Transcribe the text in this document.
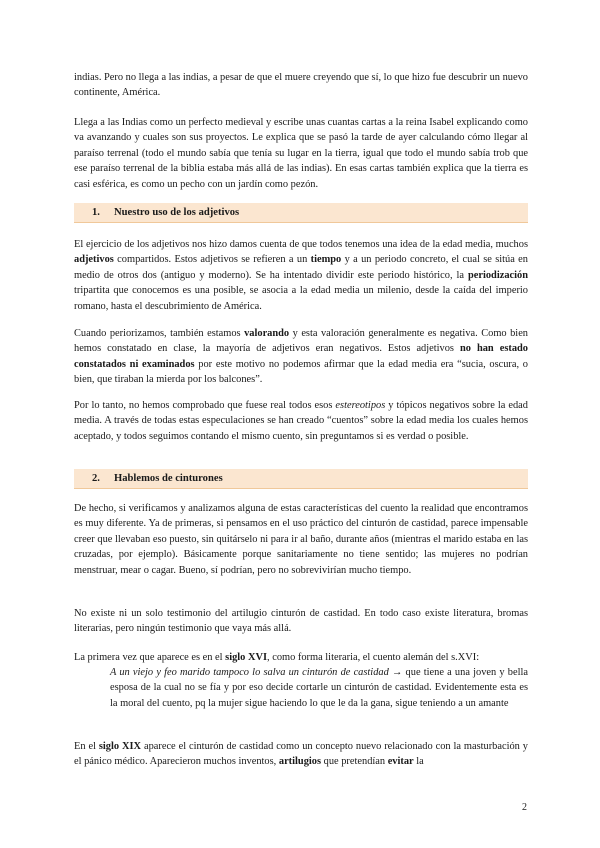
indias. Pero no llega a las indias, a pesar de que el muere creyendo que sí, lo que hizo fue descubrir un nuevo continente, América.

Llega a las Indias como un perfecto medieval y escribe unas cuantas cartas a la reina Isabel explicando como va avanzando y cuales son sus proyectos. Le explica que se pasó la tarde de ayer calculando cómo llegar al paraíso terrenal (todo el mundo sabía que tenía su lugar en la tierra, igual que todo el mundo sabía trob que ese paraíso terrenal de la biblia estaba más allá de las indias). En esas cartas también explica que la tierra es casi esférica, es como un pecho con un jardín como pezón.

1. Nuestro uso de los adjetivos

El ejercicio de los adjetivos nos hizo damos cuenta de que todos tenemos una idea de la edad media, muchos adjetivos compartidos. Estos adjetivos se refieren a un tiempo y a un periodo concreto, el cual se sitúa en medio de otros dos (antiguo y moderno). Se ha intentado dividir este periodo histórico, la periodización tripartita que conocemos es una posible, se asocia a la edad media un milenio, desde la caída del imperio romano, hasta el descubrimiento de América.

Cuando periorizamos, también estamos valorando y esta valoración generalmente es negativa. Como bien hemos constatado en clase, la mayoría de adjetivos eran negativos. Estos adjetivos no han estado constatados ni examinados por este motivo no podemos afirmar que la edad media era “sucia, oscura, o bien, que tiraban la mierda por los balcones”.

Por lo tanto, no hemos comprobado que fuese real todos esos estereotipos y tópicos negativos sobre la edad media. A través de todas estas especulaciones se han creado “cuentos” sobre la edad media los cuales hemos aceptado, y todos seguimos contando el mismo cuento, sin preguntamos si es verdad o posible.

2. Hablemos de cinturones

De hecho, si verificamos y analizamos alguna de estas características del cuento la realidad que encontramos es muy diferente. Ya de primeras, si pensamos en el uso práctico del cinturón de castidad, parece impensable creer que llevaban eso puesto, sin quitárselo ni para ir al baño, durante años (mientras el marido estaba en las cruzadas, por ejemplo). Básicamente porque sanitariamente no tiene sentido; las mujeres no podrían menstruar, mear o cagar. Bueno, sí podrían, pero no sobrevivirían mucho tiempo.

No existe ni un solo testimonio del artilugio cinturón de castidad. En todo caso existe literatura, bromas literarias, pero ningún testimonio que vaya más allá.

La primera vez que aparece es en el siglo XVI, como forma literaria, el cuento alemán del s.XVI:

A un viejo y feo marido tampoco lo salva un cinturón de castidad → que tiene a una joven y bella esposa de la cual no se fía y por eso decide cortarle un cinturón de castidad. Evidentemente esta es la moral del cuento, pq la mujer sigue haciendo lo que le da la gana, sigue teniendo a un amante

En el siglo XIX aparece el cinturón de castidad como un concepto nuevo relacionado con la masturbación y el pánico médico. Aparecieron muchos inventos, artilugios que pretendían evitar la

2
